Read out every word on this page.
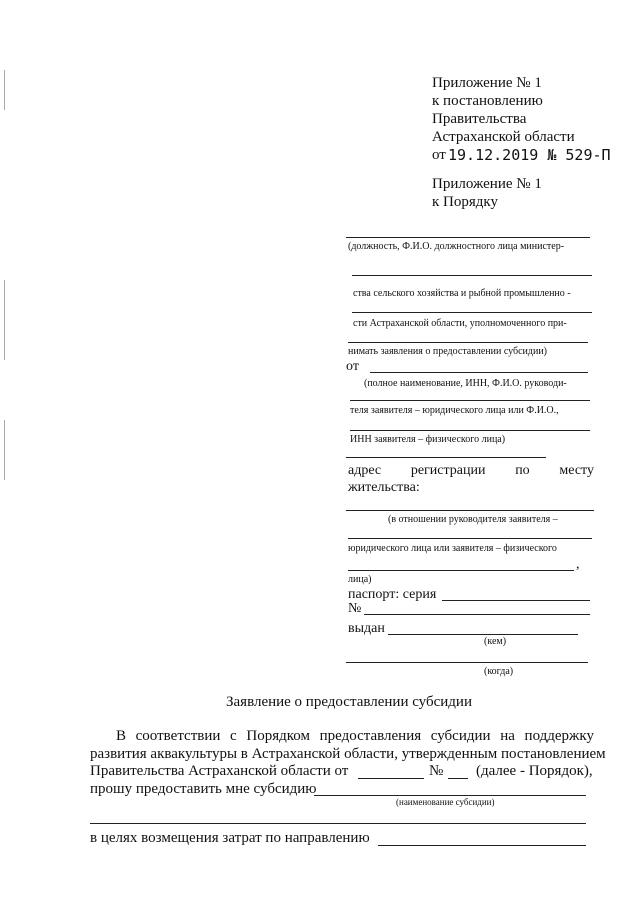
Приложение № 1
к постановлению
Правительства
Астраханской области
от 19.12.2019 № 529-П
Приложение № 1
к Порядку
(должность, Ф.И.О. должностного лица министер-
ства сельского хозяйства и рыбной промышленно -
сти Астраханской области, уполномоченного при-
нимать заявления о предоставлении субсидии)
от
(полное наименование, ИНН, Ф.И.О. руководи-
теля заявителя – юридического лица или Ф.И.О.,
ИНН заявителя – физического лица)
адрес регистрации по месту
жительства:
(в отношении руководителя заявителя –
юридического лица или заявителя – физического
,
лица)
паспорт: серия
№
выдан
(кем)
(когда)
Заявление о предоставлении субсидии
В соответствии с Порядком предоставления субсидии на поддержку
развития аквакультуры в Астраханской области, утвержденным постановлением
Правительства Астраханской области от	№ (далее - Порядок),
прошу предоставить мне субсидию
(наименование субсидии)
в целях возмещения затрат по направлению
